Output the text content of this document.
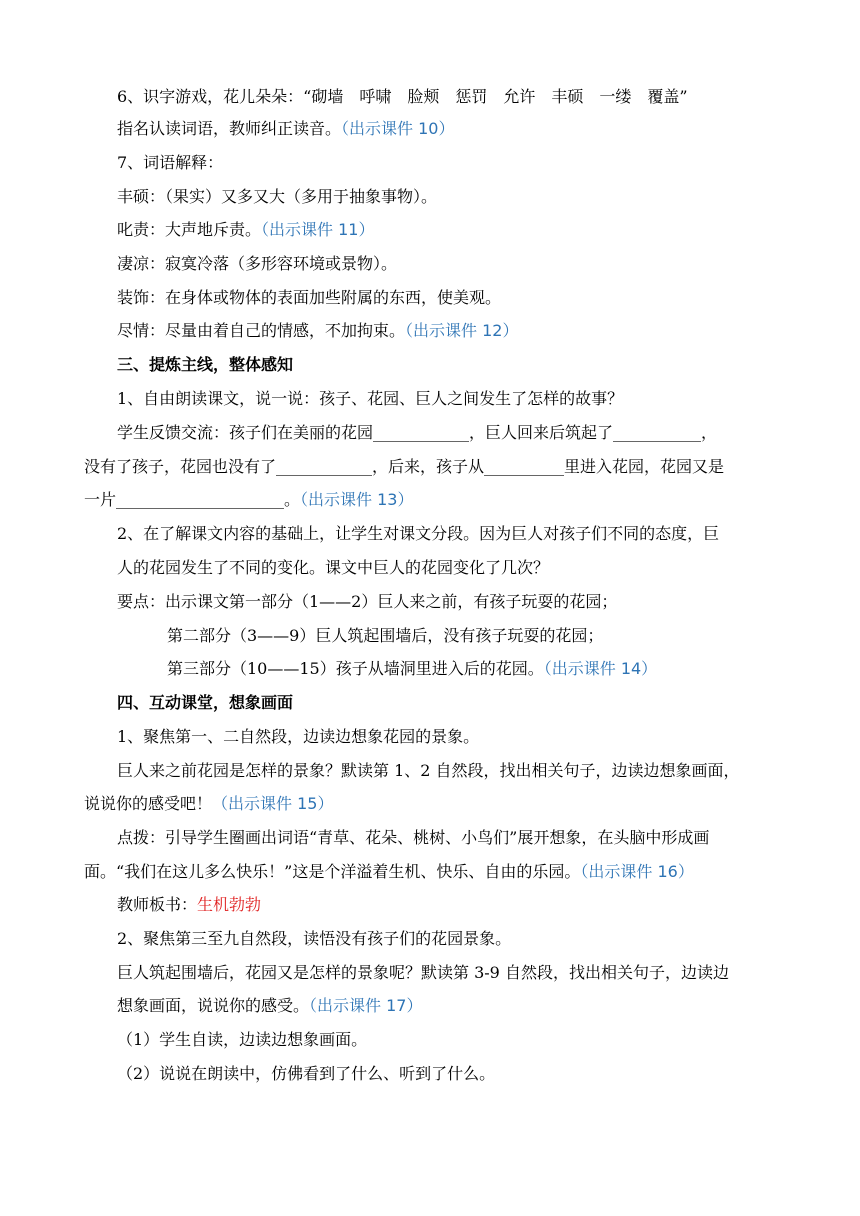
6、识字游戏，花儿朵朵：“砌墙　呼啸　脸颊　惩罚　允许　丰硕　一缕　覆盖”
指名认读词语，教师纠正读音。（出示课件 10）
7、词语解释：
丰硕：（果实）又多又大（多用于抽象事物）。
叱责：大声地斥责。（出示课件 11）
凄凉：寂寞冷落（多形容环境或景物）。
装饰：在身体或物体的表面加些附属的东西，使美观。
尽情：尽量由着自己的情感，不加拘束。（出示课件 12）
三、提炼主线，整体感知
1、自由朗读课文，说一说：孩子、花园、巨人之间发生了怎样的故事？
学生反馈交流：孩子们在美丽的花园____________，巨人回来后筑起了___________，
没有了孩子，花园也没有了____________，后来，孩子从__________里进入花园，花园又是
一片_____________________。（出示课件 13）
2、在了解课文内容的基础上，让学生对课文分段。因为巨人对孩子们不同的态度，巨
人的花园发生了不同的变化。课文中巨人的花园变化了几次？
要点：出示课文第一部分（1——2）巨人来之前，有孩子玩耍的花园；
第二部分（3——9）巨人筑起围墙后，没有孩子玩耍的花园；
第三部分（10——15）孩子从墙洞里进入后的花园。（出示课件 14）
四、互动课堂，想象画面
1、聚焦第一、二自然段，边读边想象花园的景象。
巨人来之前花园是怎样的景象？默读第 1、2 自然段，找出相关句子，边读边想象画面，
说说你的感受吧！（出示课件 15）
点拨：引导学生圈画出词语“青草、花朵、桃树、小鸟们”展开想象，在头脑中形成画
面。“我们在这儿多么快乐！”这是个洋溢着生机、快乐、自由的乐园。（出示课件 16）
教师板书：生机勃勃
2、聚焦第三至九自然段，读悟没有孩子们的花园景象。
巨人筑起围墙后，花园又是怎样的景象呢？默读第 3-9 自然段，找出相关句子，边读边
想象画面，说说你的感受。（出示课件 17）
（1）学生自读，边读边想象画面。
（2）说说在朗读中，仿佛看到了什么、听到了什么。
